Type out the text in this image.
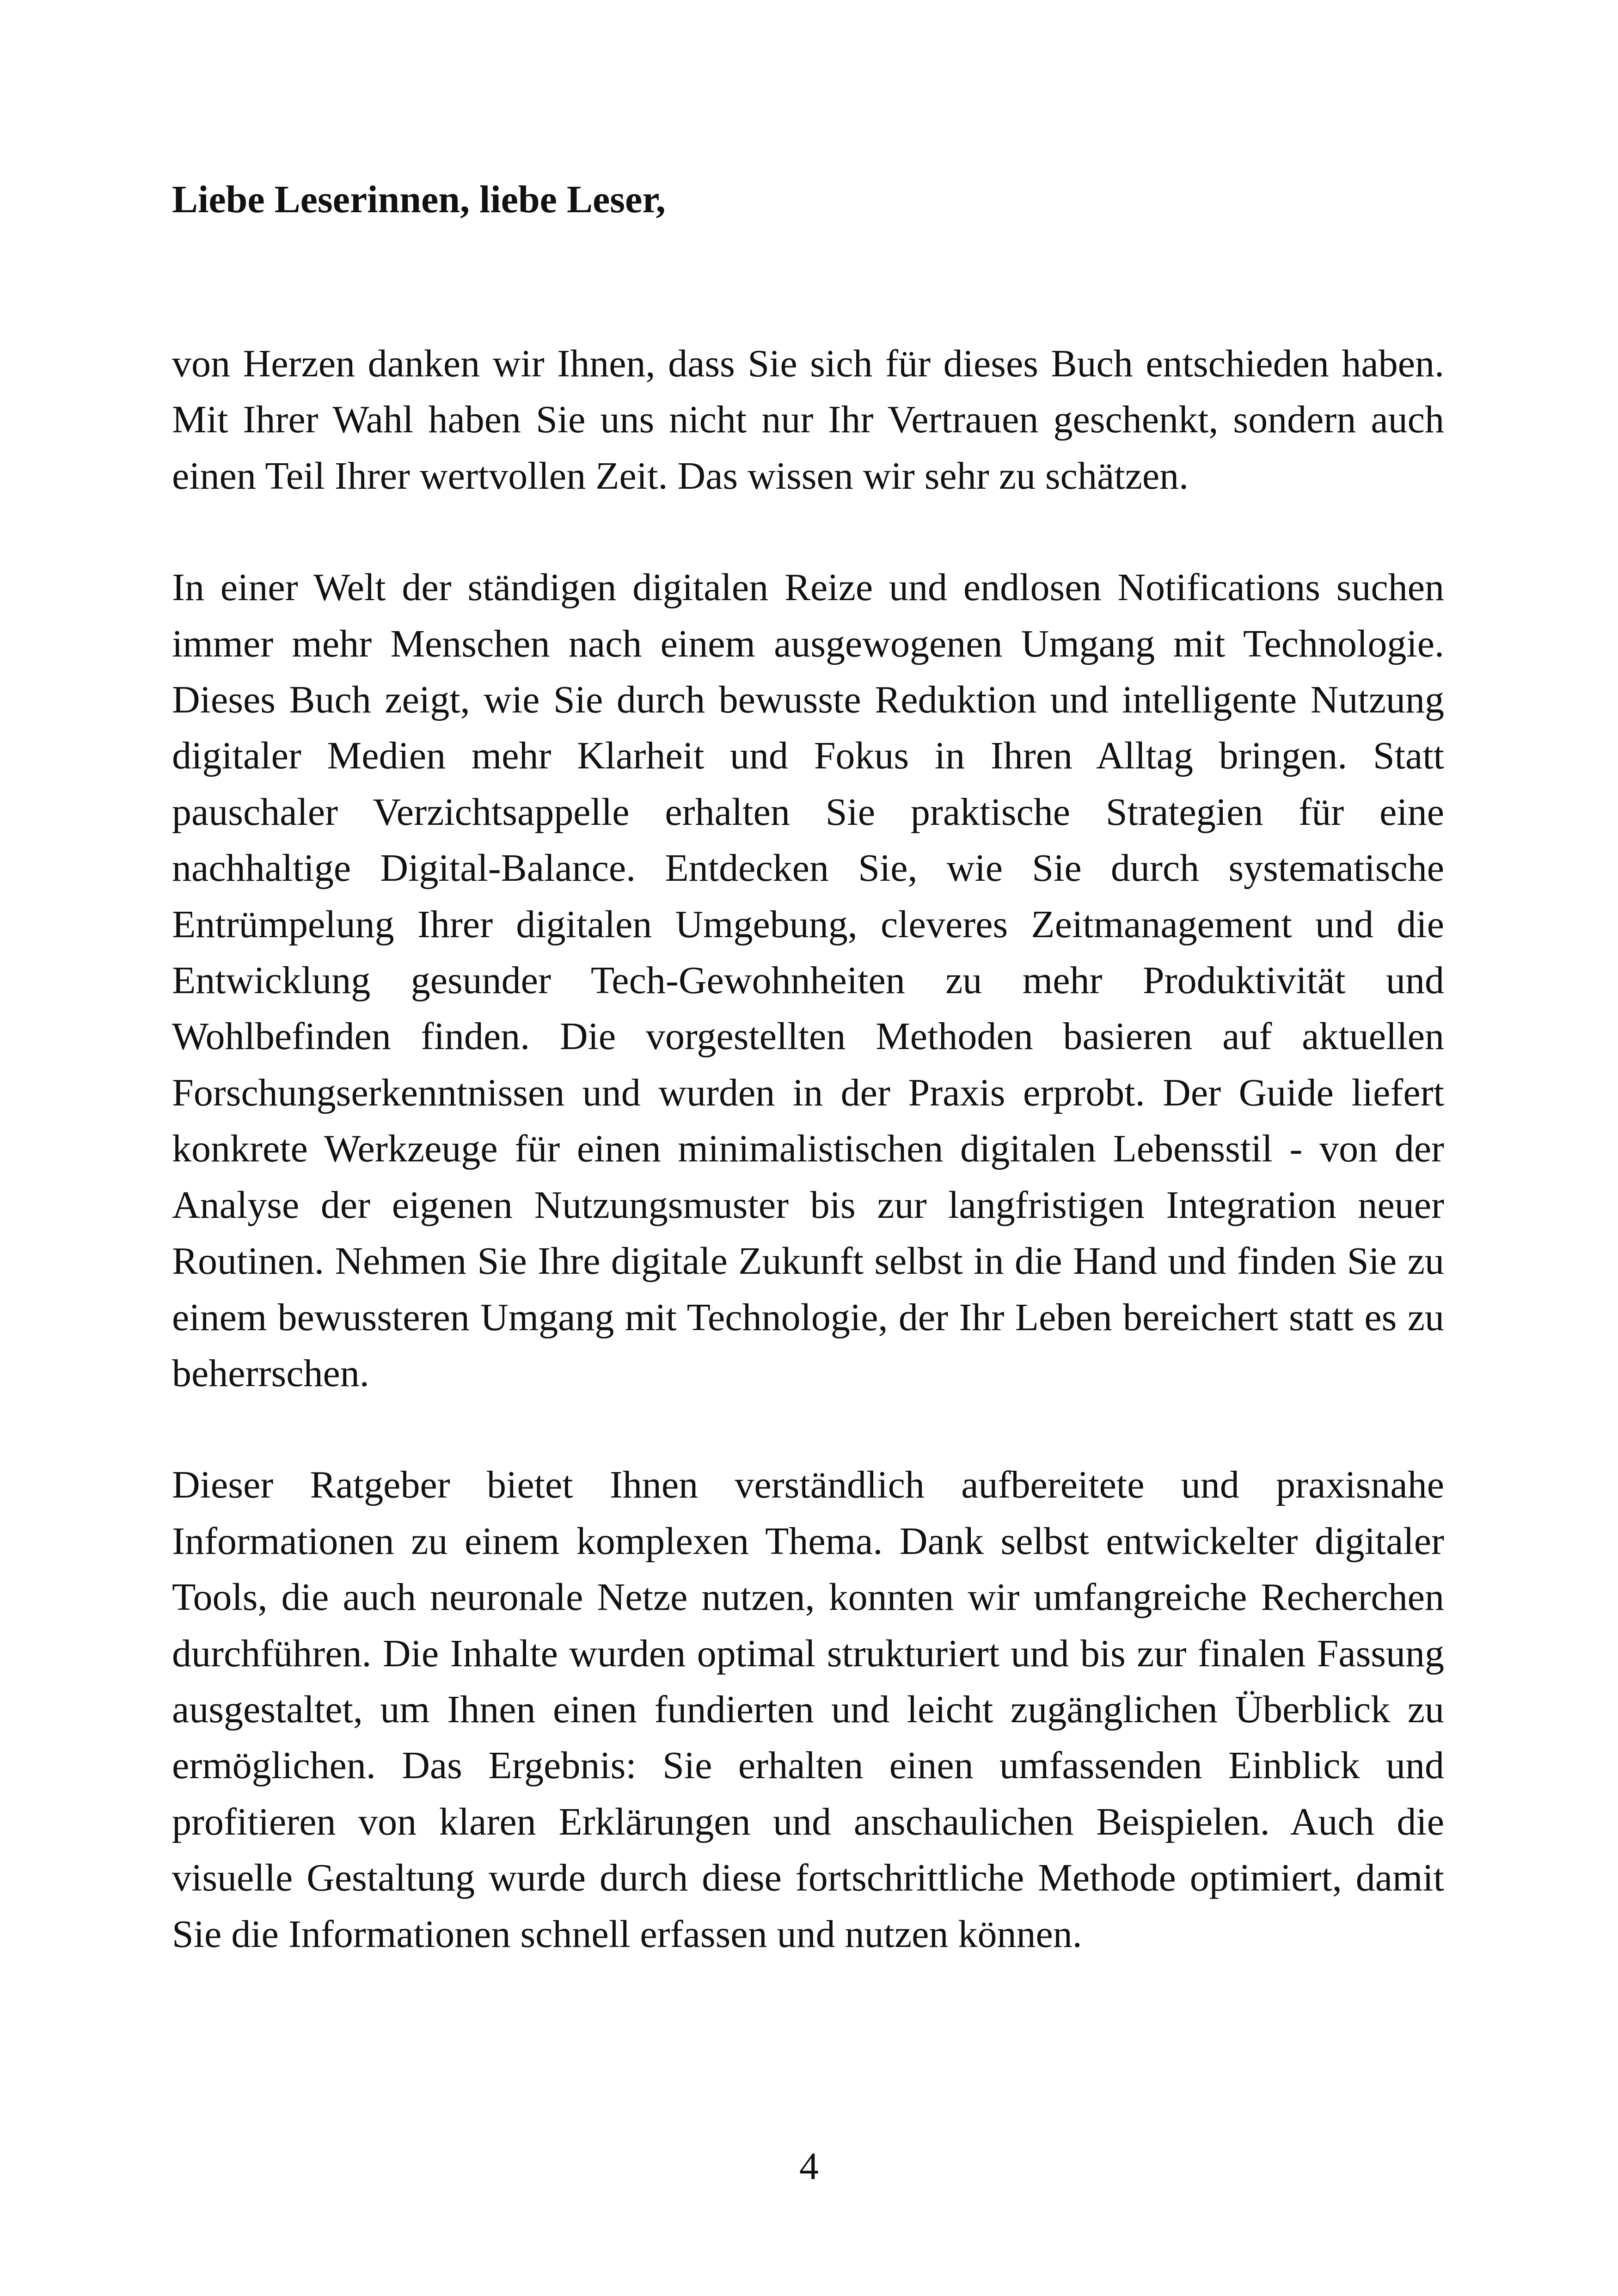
Liebe Leserinnen, liebe Leser,

von Herzen danken wir Ihnen, dass Sie sich für dieses Buch entschieden haben. Mit Ihrer Wahl haben Sie uns nicht nur Ihr Vertrauen geschenkt, sondern auch einen Teil Ihrer wertvollen Zeit. Das wissen wir sehr zu schätzen.

In einer Welt der ständigen digitalen Reize und endlosen Notifications suchen immer mehr Menschen nach einem ausgewogenen Umgang mit Technologie. Dieses Buch zeigt, wie Sie durch bewusste Reduktion und intelligente Nutzung digitaler Medien mehr Klarheit und Fokus in Ihren Alltag bringen. Statt pauschaler Verzichtsappelle erhalten Sie praktische Strategien für eine nachhaltige Digital-Balance. Entdecken Sie, wie Sie durch systematische Entrümpelung Ihrer digitalen Umgebung, cleveres Zeitmanagement und die Entwicklung gesunder Tech-Gewohnheiten zu mehr Produktivität und Wohlbefinden finden. Die vorgestellten Methoden basieren auf aktuellen Forschungserkenntnissen und wurden in der Praxis erprobt. Der Guide liefert konkrete Werkzeuge für einen minimalistischen digitalen Lebensstil - von der Analyse der eigenen Nutzungsmuster bis zur langfristigen Integration neuer Routinen. Nehmen Sie Ihre digitale Zukunft selbst in die Hand und finden Sie zu einem bewussteren Umgang mit Technologie, der Ihr Leben bereichert statt es zu beherrschen.

Dieser Ratgeber bietet Ihnen verständlich aufbereitete und praxisnahe Informationen zu einem komplexen Thema. Dank selbst entwickelter digitaler Tools, die auch neuronale Netze nutzen, konnten wir umfangreiche Recherchen durchführen. Die Inhalte wurden optimal strukturiert und bis zur finalen Fassung ausgestaltet, um Ihnen einen fundierten und leicht zugänglichen Überblick zu ermöglichen. Das Ergebnis: Sie erhalten einen umfassenden Einblick und profitieren von klaren Erklärungen und anschaulichen Beispielen. Auch die visuelle Gestaltung wurde durch diese fortschrittliche Methode optimiert, damit Sie die Informationen schnell erfassen und nutzen können.

4
